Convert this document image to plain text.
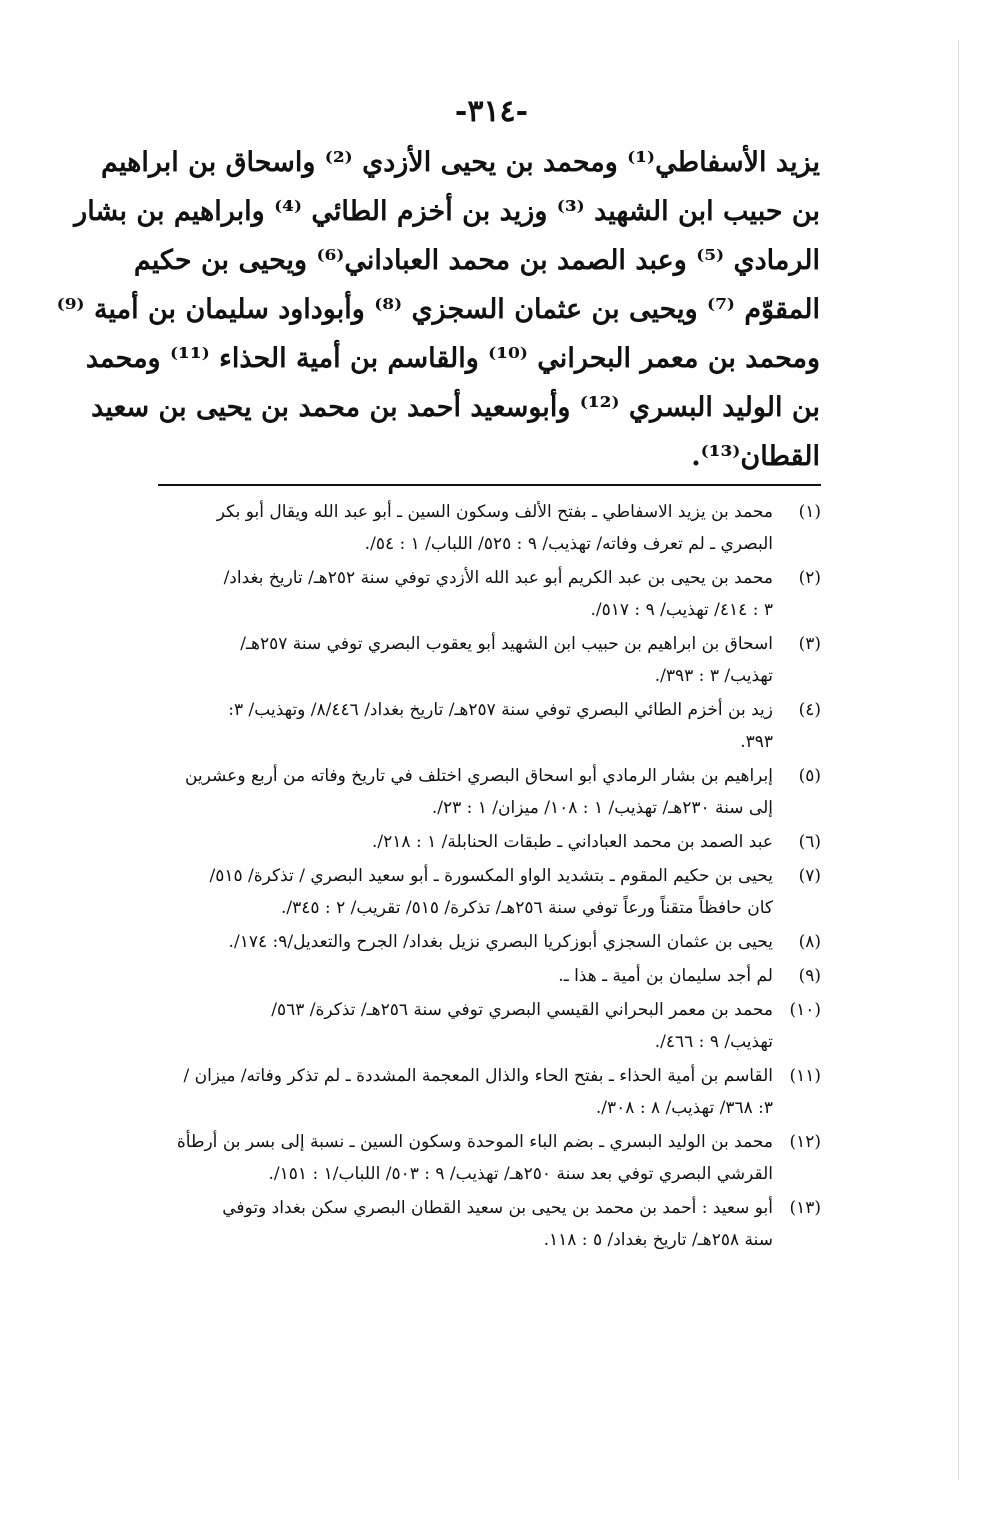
-٣١٤-

يزيد الأسفاطي⁽¹⁾ ومحمد بن يحيى الأزدي ⁽²⁾ واسحاق بن ابراهيم
بن حبيب ابن الشهيد ⁽³⁾ وزيد بن أخزم الطائي ⁽⁴⁾ وابراهيم بن بشار
الرمادي ⁽⁵⁾ وعبد الصمد بن محمد العباداني⁽⁶⁾ ويحيى بن حكيم
المقوّم ⁽⁷⁾ ويحيى بن عثمان السجزي ⁽⁸⁾ وأبوداود سليمان بن أمية ⁽⁹⁾
ومحمد بن معمر البحراني ⁽¹⁰⁾ والقاسم بن أمية الحذاء ⁽¹¹⁾ ومحمد
بن الوليد البسري ⁽¹²⁾ وأبوسعيد أحمد بن محمد بن يحيى بن سعيد
القطان⁽¹³⁾.

(١)
محمد بن يزيد الاسفاطي ـ بفتح الألف وسكون السين ـ أبو عبد الله ويقال أبو بكر
البصري ـ لم تعرف وفاته/ تهذيب/ ٩ : ٥٢٥/ اللباب/ ١ : ٥٤/.
(٢)
محمد بن يحيى بن عبد الكريم أبو عبد الله الأزدي توفي سنة ٢٥٢هـ/ تاريخ بغداد/
٣ : ٤١٤/ تهذيب/ ٩ : ٥١٧/.
(٣)
اسحاق بن ابراهيم بن حبيب ابن الشهيد أبو يعقوب البصري توفي سنة ٢٥٧هـ/
تهذيب/ ٣ : ٣٩٣/.
(٤)
زيد بن أخزم الطائي البصري توفي سنة ٢٥٧هـ/ تاريخ بغداد/ ٨/٤٤٦/ وتهذيب/ ٣:
٣٩٣.
(٥)
إبراهيم بن بشار الرمادي أبو اسحاق البصري اختلف في تاريخ وفاته من أربع وعشرين
إلى سنة ٢٣٠هـ/ تهذيب/ ١ : ١٠٨/ ميزان/ ١ : ٢٣/.
(٦)
عبد الصمد بن محمد العباداني ـ طبقات الحنابلة/ ١ : ٢١٨/.
(٧)
يحيى بن حكيم المقوم ـ بتشديد الواو المكسورة ـ أبو سعيد البصري / تذكرة/ ٥١٥/
كان حافظاً متقناً ورعاً توفي سنة ٢٥٦هـ/ تذكرة/ ٥١٥/ تقريب/ ٢ : ٣٤٥/.
(٨)
يحيى بن عثمان السجزي أبوزكريا البصري نزيل بغداد/ الجرح والتعديل/٩: ١٧٤/.
(٩)
لم أجد سليمان بن أمية ـ هذا ـ.
(١٠)
محمد بن معمر البحراني القيسي البصري توفي سنة ٢٥٦هـ/ تذكرة/ ٥٦٣/
تهذيب/ ٩ : ٤٦٦/.
(١١)
القاسم بن أمية الحذاء ـ بفتح الحاء والذال المعجمة المشددة ـ لم تذكر وفاته/ ميزان /
٣: ٣٦٨/ تهذيب/ ٨ : ٣٠٨/.
(١٢)
محمد بن الوليد البسري ـ بضم الباء الموحدة وسكون السين ـ نسبة إلى بسر بن أرطأة
القرشي البصري توفي بعد سنة ٢٥٠هـ/ تهذيب/ ٩ : ٥٠٣/ اللباب/١ : ١٥١/.
(١٣)
أبو سعيد : أحمد بن محمد بن يحيى بن سعيد القطان البصري سكن بغداد وتوفي
سنة ٢٥٨هـ/ تاريخ بغداد/ ٥ : ١١٨.
